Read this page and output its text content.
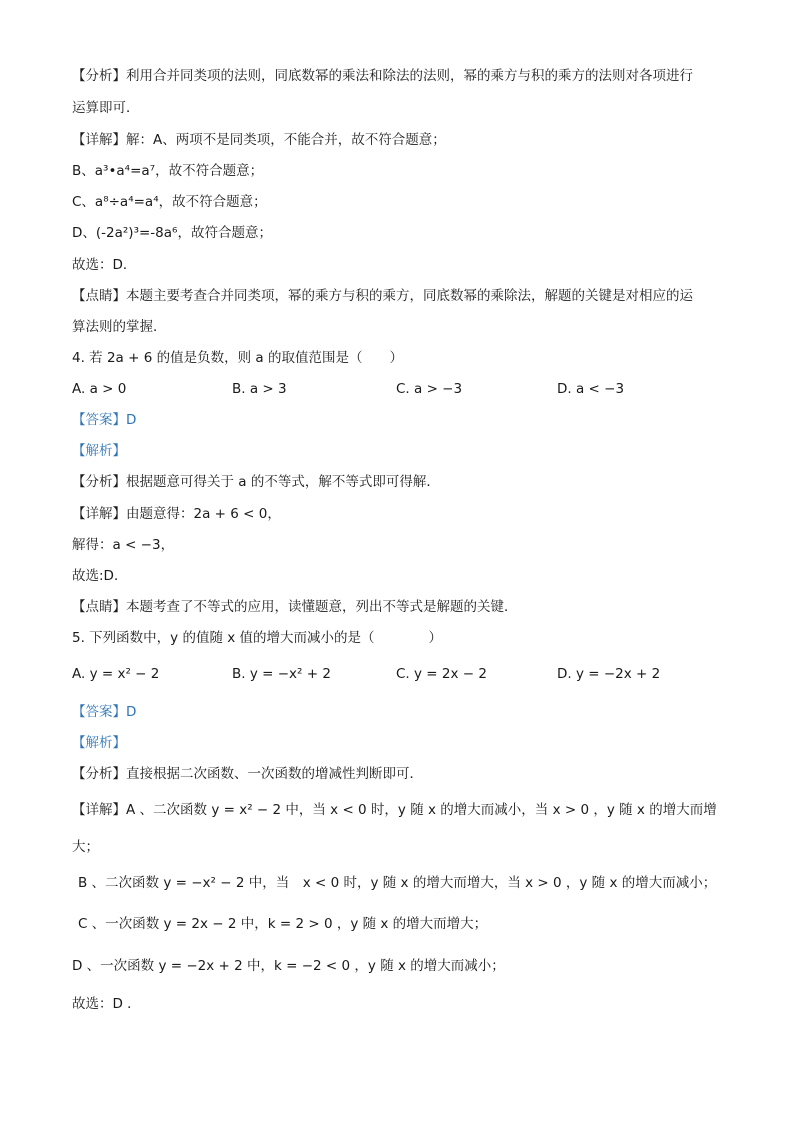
【分析】利用合并同类项的法则，同底数幂的乘法和除法的法则，幂的乘方与积的乘方的法则对各项进行
运算即可．
【详解】解：A、两项不是同类项，不能合并，故不符合题意；
B、a³•a⁴=a⁷，故不符合题意；
C、a⁸÷a⁴=a⁴，故不符合题意；
D、(-2a²)³=-8a⁶，故符合题意；
故选：D．
【点睛】本题主要考查合并同类项，幂的乘方与积的乘方，同底数幂的乘除法，解题的关键是对相应的运
算法则的掌握．
4. 若 2a + 6 的值是负数，则 a 的取值范围是（　　）
A. a > 0	B. a > 3	C. a > −3	D. a < −3
【答案】D
【解析】
【分析】根据题意可得关于 a 的不等式，解不等式即可得解．
【详解】由题意得：2a + 6 < 0，
解得：a < −3，
故选:D．
【点睛】本题考查了不等式的应用，读懂题意，列出不等式是解题的关键．
5. 下列函数中，y 的值随 x 值的增大而减小的是（　　　　）
A. y = x² − 2	B. y = −x² + 2	C. y = 2x − 2	D. y = −2x + 2
【答案】D
【解析】
【分析】直接根据二次函数、一次函数的增减性判断即可．
【详解】A 、二次函数 y = x² − 2 中，当 x < 0 时，y 随 x 的增大而减小，当 x > 0 ，y 随 x 的增大而增
大；
B 、二次函数 y = −x² − 2 中，当　x < 0 时，y 随 x 的增大而增大，当 x > 0 ，y 随 x 的增大而减小；
C 、一次函数 y = 2x − 2 中，k = 2 > 0 ，y 随 x 的增大而增大；
D 、一次函数 y = −2x + 2 中，k = −2 < 0 ，y 随 x 的增大而减小；
故选：D ．
